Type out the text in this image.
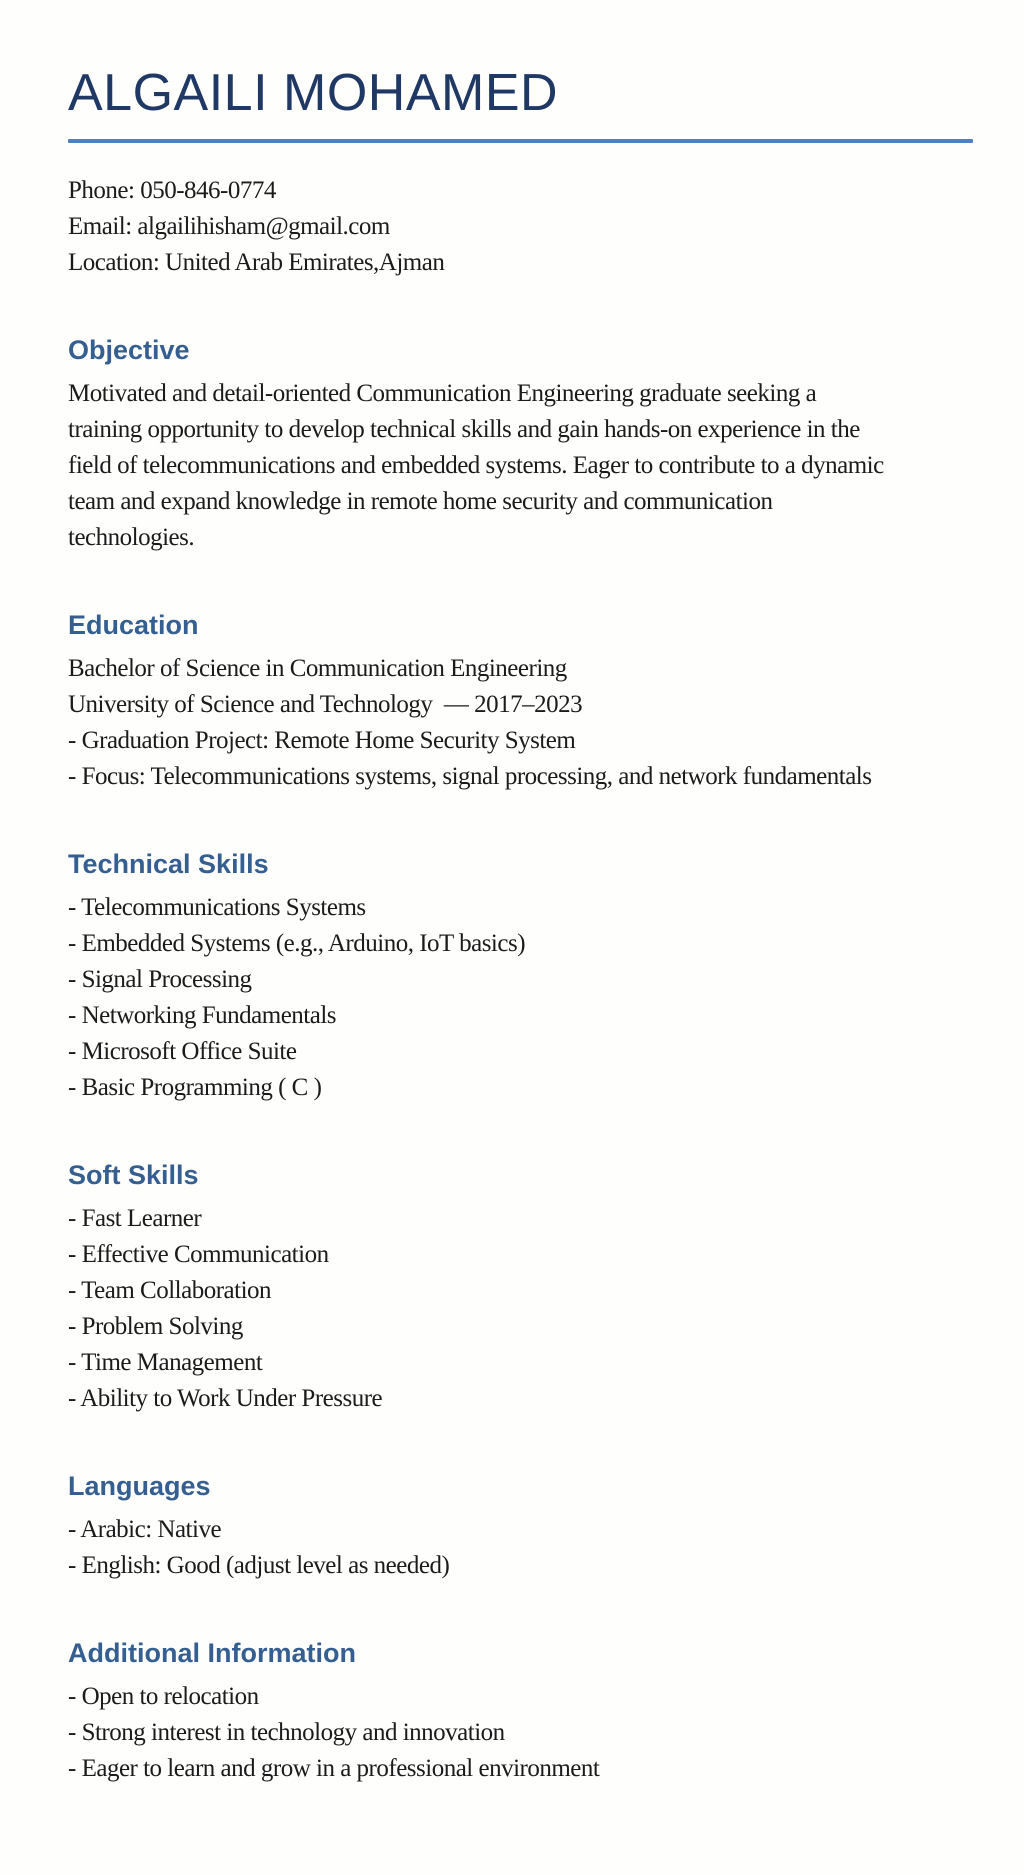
ALGAILI MOHAMED
Phone: 050-846-0774
Email: algailihisham@gmail.com
Location: United Arab Emirates,Ajman
Objective
Motivated and detail-oriented Communication Engineering graduate seeking a
training opportunity to develop technical skills and gain hands-on experience in the
field of telecommunications and embedded systems. Eager to contribute to a dynamic
team and expand knowledge in remote home security and communication
technologies.
Education
Bachelor of Science in Communication Engineering
University of Science and Technology  — 2017–2023
- Graduation Project: Remote Home Security System
- Focus: Telecommunications systems, signal processing, and network fundamentals
Technical Skills
- Telecommunications Systems
- Embedded Systems (e.g., Arduino, IoT basics)
- Signal Processing
- Networking Fundamentals
- Microsoft Office Suite
- Basic Programming ( C )
Soft Skills
- Fast Learner
- Effective Communication
- Team Collaboration
- Problem Solving
- Time Management
- Ability to Work Under Pressure
Languages
- Arabic: Native
- English: Good (adjust level as needed)
Additional Information
- Open to relocation
- Strong interest in technology and innovation
- Eager to learn and grow in a professional environment
